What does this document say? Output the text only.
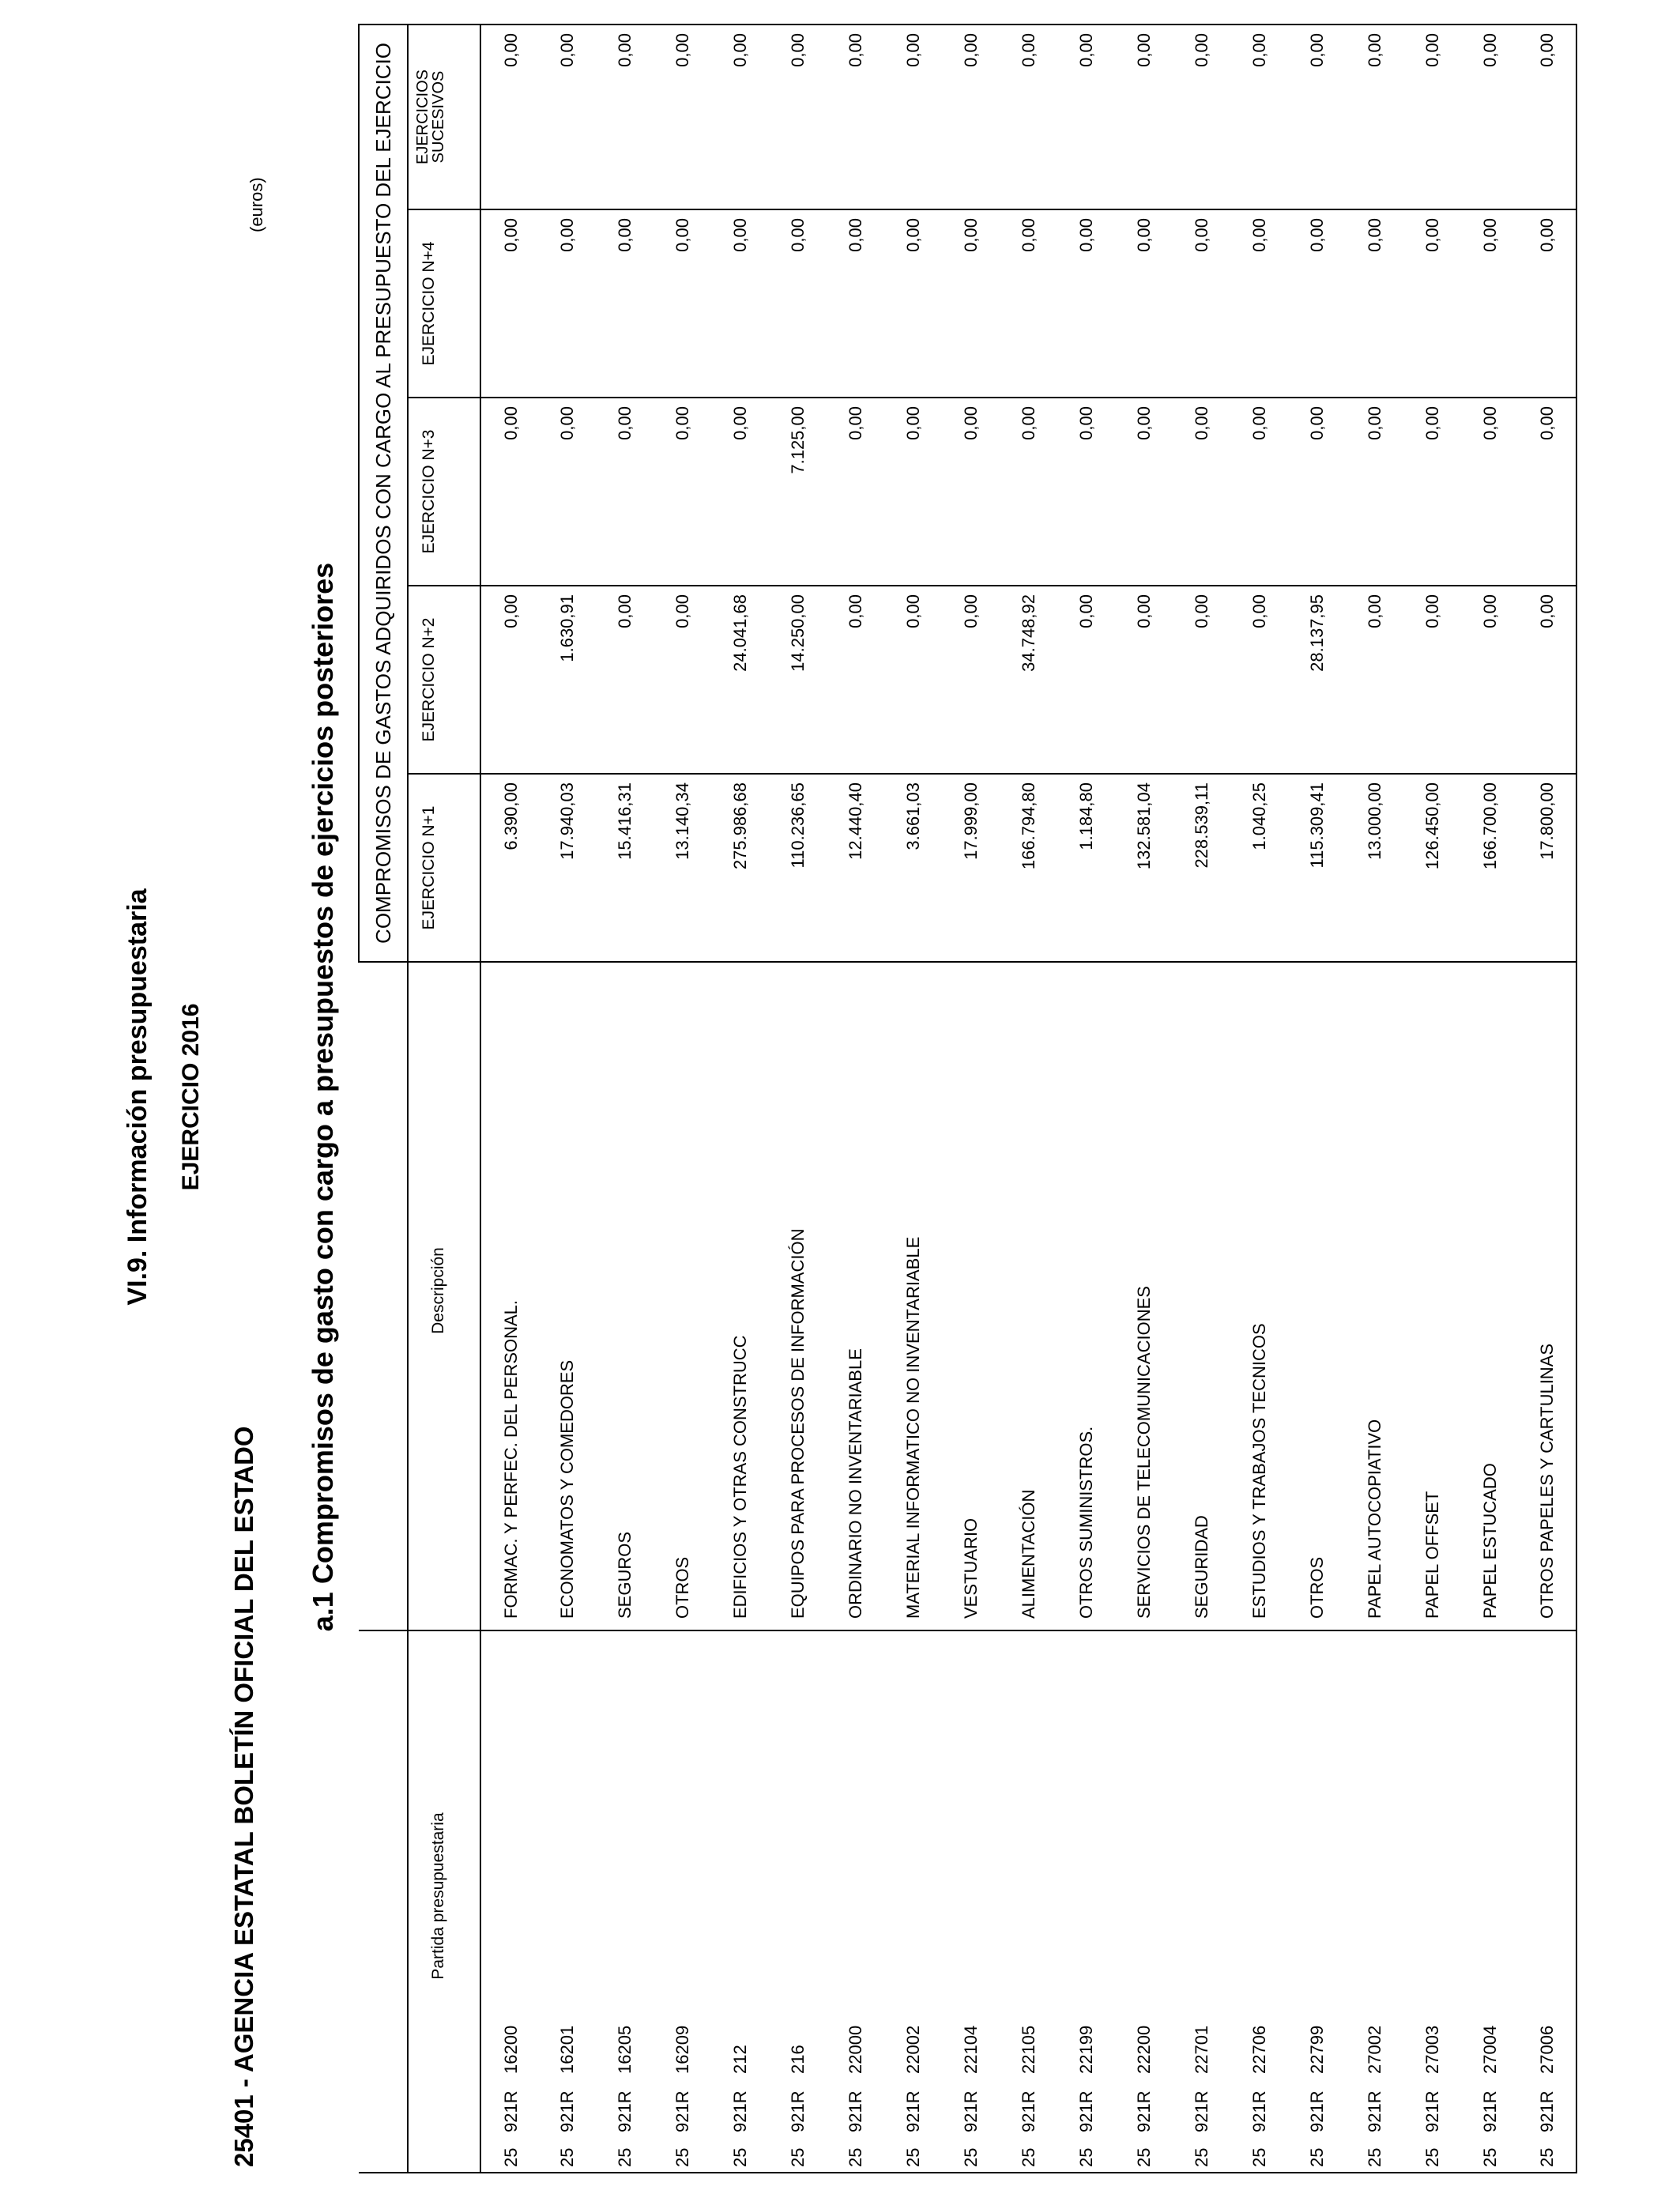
VI.9. Información presupuestaria EJERCICIO 2016
25401 - AGENCIA ESTATAL BOLETÍN OFICIAL DEL ESTADO
a.1 Compromisos de gasto con cargo a presupuestos de ejercicios posteriores
(euros)
			COMPROMISOS DE GASTOS ADQUIRIDOS CON CARGO AL PRESUPUESTO DEL EJERCICIO				
Partida presupuestaria	Descripción	EJERCICIO N+1	EJERCICIO N+2	EJERCICIO N+3	EJERCICIO N+4	EJERCICIOS
SUCESIVOS

25921R16200	FORMAC. Y PERFEC. DEL PERSONAL.	6.390,00	0,00	0,00	0,00	0,00
25921R16201	ECONOMATOS Y COMEDORES	17.940,03	1.630,91	0,00	0,00	0,00
25921R16205	SEGUROS	15.416,31	0,00	0,00	0,00	0,00
25921R16209	OTROS	13.140,34	0,00	0,00	0,00	0,00
25921R212	EDIFICIOS Y OTRAS CONSTRUCC	275.986,68	24.041,68	0,00	0,00	0,00
25921R216	EQUIPOS PARA PROCESOS DE INFORMACIÓN	110.236,65	14.250,00	7.125,00	0,00	0,00
25921R22000	ORDINARIO NO INVENTARIABLE	12.440,40	0,00	0,00	0,00	0,00
25921R22002	MATERIAL INFORMATICO NO INVENTARIABLE	3.661,03	0,00	0,00	0,00	0,00
25921R22104	VESTUARIO	17.999,00	0,00	0,00	0,00	0,00
25921R22105	ALIMENTACIÓN	166.794,80	34.748,92	0,00	0,00	0,00
25921R22199	OTROS SUMINISTROS.	1.184,80	0,00	0,00	0,00	0,00
25921R22200	SERVICIOS DE TELECOMUNICACIONES	132.581,04	0,00	0,00	0,00	0,00
25921R22701	SEGURIDAD	228.539,11	0,00	0,00	0,00	0,00
25921R22706	ESTUDIOS Y TRABAJOS TECNICOS	1.040,25	0,00	0,00	0,00	0,00
25921R22799	OTROS	115.309,41	28.137,95	0,00	0,00	0,00
25921R27002	PAPEL AUTOCOPIATIVO	13.000,00	0,00	0,00	0,00	0,00
25921R27003	PAPEL OFFSET	126.450,00	0,00	0,00	0,00	0,00
25921R27004	PAPEL ESTUCADO	166.700,00	0,00	0,00	0,00	0,00
25921R27006	OTROS PAPELES Y CARTULINAS	17.800,00	0,00	0,00	0,00	0,00
